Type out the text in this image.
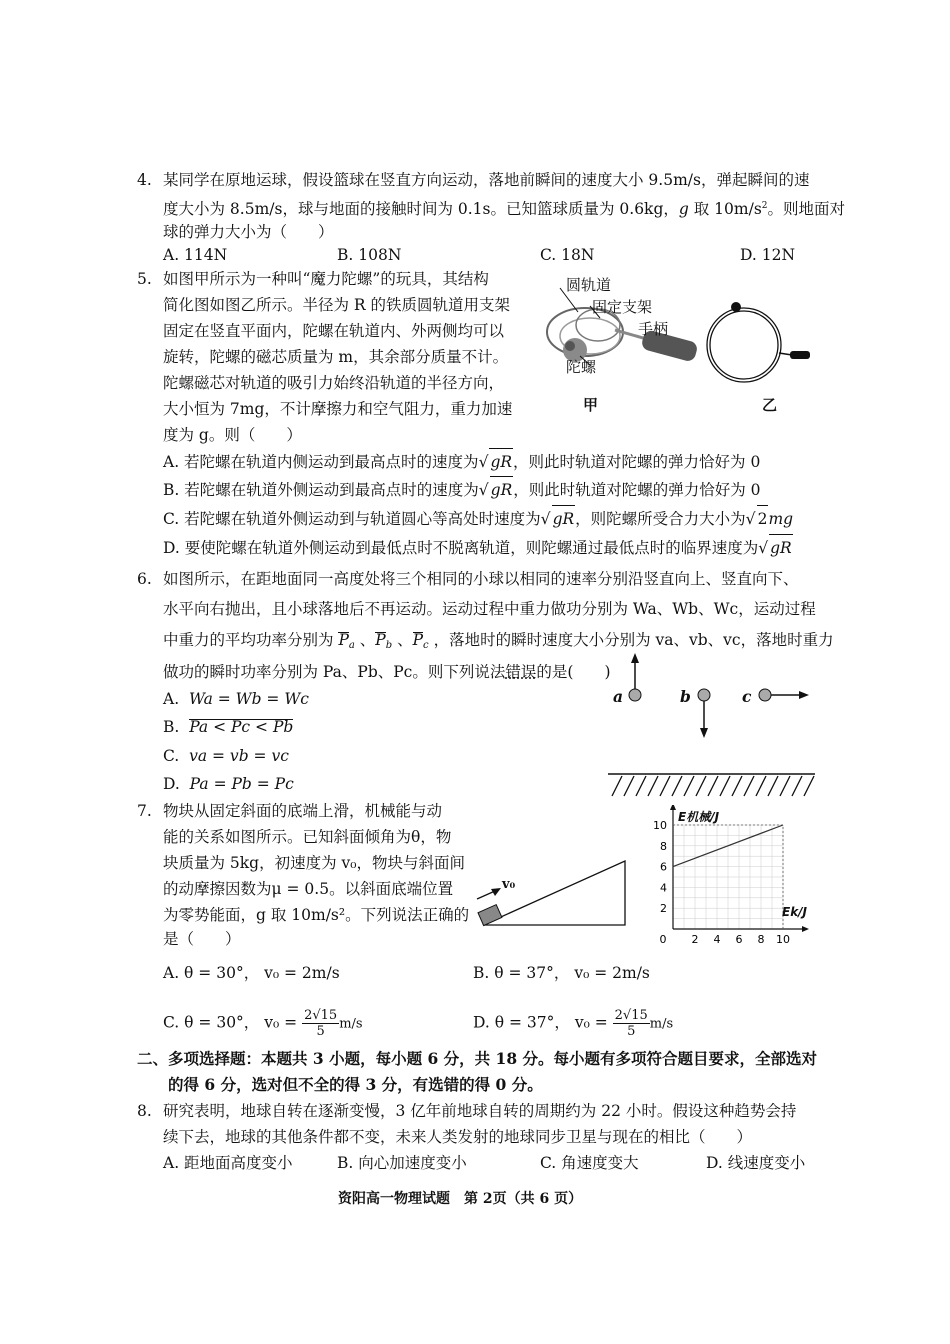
4. 某同学在原地运球，假设篮球在竖直方向运动，落地前瞬间的速度大小 9.5m/s，弹起瞬间的速
度大小为 8.5m/s，球与地面的接触时间为 0.1s。已知篮球质量为 0.6kg，g 取 $10m/s^2$。则地面对
球的弹力大小为（　　）
A. 114N	B. 108N	C. 18N	D. 12N
5. 如图甲所示为一种叫“魔力陀螺”的玩具，其结构
简化图如图乙所示。半径为 R 的铁质圆轨道用支架
固定在竖直平面内，陀螺在轨道内、外两侧均可以
旋转，陀螺的磁芯质量为 m，其余部分质量不计。
陀螺磁芯对轨道的吸引力始终沿轨道的半径方向，
大小恒为 7mg，不计摩擦力和空气阻力，重力加速
度为 g。则（　　）
圆轨道
固定支架
手柄
陀螺
甲	乙
A. 若陀螺在轨道内侧运动到最高点时的速度为√ gR，则此时轨道对陀螺的弹力恰好为 0
B. 若陀螺在轨道外侧运动到最高点时的速度为√ gR，则此时轨道对陀螺的弹力恰好为 0
C. 若陀螺在轨道外侧运动到与轨道圆心等高处时速度为√ gR，则陀螺所受合力大小为√ 2mg
D. 要使陀螺在轨道外侧运动到最低点时不脱离轨道，则陀螺通过最低点时的临界速度为√ gR
6. 如图所示，在距地面同一高度处将三个相同的小球以相同的速率分别沿竖直向上、竖直向下、
水平向右抛出，且小球落地后不再运动。运动过程中重力做功分别为 Wa、Wb、Wc，运动过程
中重力的平均功率分别为 $P_a$ 、$P_b$ 、$P_c$ ，落地时的瞬时速度大小分别为 va、vb、vc，落地时重力
做功的瞬时功率分别为 Pa、Pb、Pc。则下列说法错误的是(　　)
A. Wa = Wb = Wc
B. Pa < Pc < Pb
C. va = vb = vc
D. Pa = Pb = Pc
a	b	c
7. 物块从固定斜面的底端上滑，机械能与动
能的关系如图所示。已知斜面倾角为θ，物
块质量为 5kg，初速度为 v₀，物块与斜面间
的动摩擦因数为μ = 0.5。以斜面底端位置
为零势能面，g 取 10m/s²。下列说法正确的
是（　　）
v₀
0 2 4 6 8 10
2
4
6
8
10
E机械/J
Ek/J
A. θ = 30°， v₀ = 2m/s	B. θ = 37°， v₀ = 2m/s
C. θ = 30°， $v_0 = \frac{2√15}{5} m/s$	D. θ = 37°， $v_0 = \frac{2√15}{5} m/s$
二、多项选择题：本题共 3 小题，每小题 6 分，共 18 分。每小题有多项符合题目要求，全部选对
的得 6 分，选对但不全的得 3 分，有选错的得 0 分。
8. 研究表明，地球自转在逐渐变慢，3 亿年前地球自转的周期约为 22 小时。假设这种趋势会持
续下去，地球的其他条件都不变，未来人类发射的地球同步卫星与现在的相比（　　）
A. 距地面高度变小	B. 向心加速度变小	C. 角速度变大	D. 线速度变小
资阳高一物理试题　第 2页（共 6 页）
